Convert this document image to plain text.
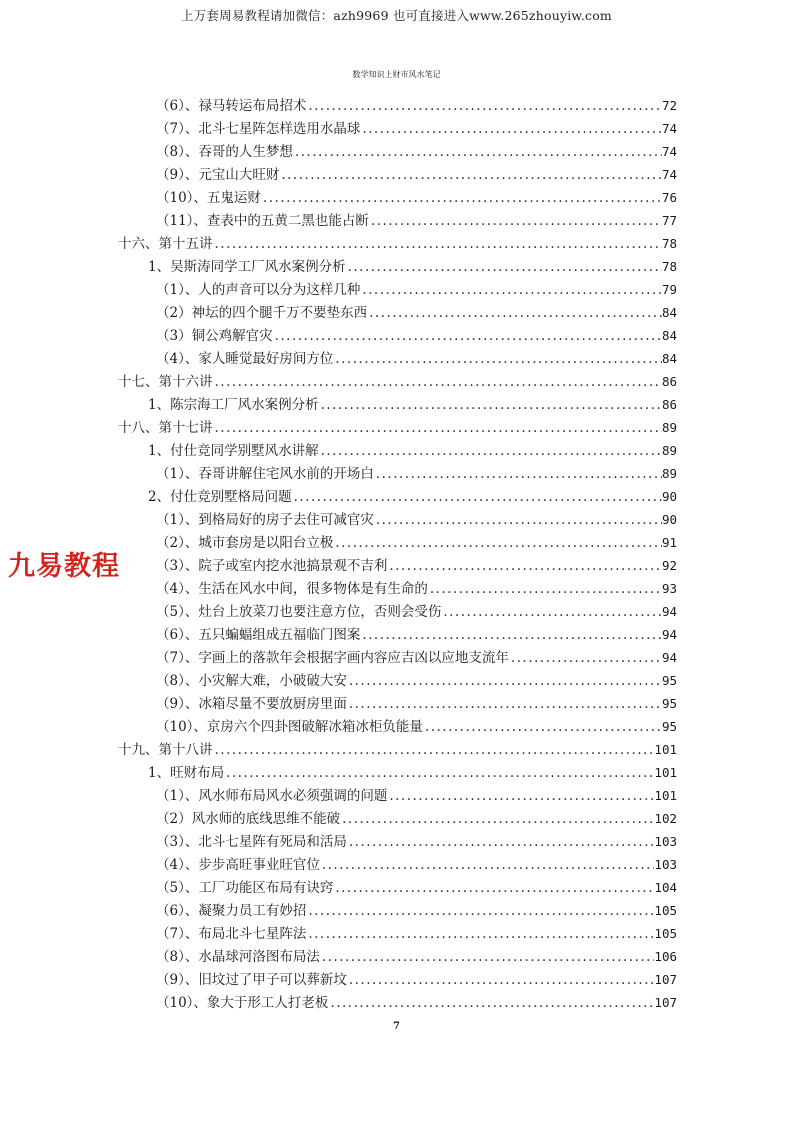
上万套周易教程请加微信：azh9969 也可直接进入www.265zhouyiw.com
数学知识上财市风水笔记
（6）、禄马转运布局招术 .....	72
（7）、北斗七星阵怎样选用水晶球 .....	74
（8）、吞哥的人生梦想 .....	74
（9）、元宝山大旺财 .....	74
（10）、五鬼运财 .....	76
（11）、查表中的五黄二黑也能占断 .....	77
十六、第十五讲 .....	78
1、吴斯涛同学工厂风水案例分析 .....	78
（1）、人的声音可以分为这样几种 .....	79
（2）神坛的四个腿千万不要垫东西 .....	84
（3）铜公鸡解官灾 .....	84
（4）、家人睡觉最好房间方位 .....	84
十七、第十六讲 .....	86
1、陈宗海工厂风水案例分析 .....	86
十八、第十七讲 .....	89
1、付仕竞同学别墅风水讲解 .....	89
（1）、吞哥讲解住宅风水前的开场白 .....	89
2、付仕竞别墅格局问题 .....	90
（1）、到格局好的房子去住可减官灾 .....	90
（2）、城市套房是以阳台立极 .....	91
（3）、院子或室内挖水池搞景观不吉利 .....	92
（4）、生活在风水中间，很多物体是有生命的 .....	93
（5）、灶台上放菜刀也要注意方位，否则会受伤 .....	94
（6）、五只蝙蝠组成五福临门图案 .....	94
（7）、字画上的落款年会根据字画内容应吉凶以应地支流年 .....	94
（8）、小灾解大难，小破破大安 .....	95
（9）、冰箱尽量不要放厨房里面 .....	95
（10）、京房六个四卦图破解冰箱冰柜负能量 .....	95
十九、第十八讲 .....	101
1、旺财布局 .....	101
（1）、风水师布局风水必须强调的问题 .....	101
（2）风水师的底线思维不能破 .....	102
（3）、北斗七星阵有死局和活局 .....	103
（4）、步步高旺事业旺官位 .....	103
（5）、工厂功能区布局有诀窍 .....	104
（6）、凝聚力员工有妙招 .....	105
（7）、布局北斗七星阵法 .....	105
（8）、水晶球河洛图布局法 .....	106
（9）、旧坟过了甲子可以葬新坟 .....	107
（10）、象大于形工人打老板 .....	107
九易教程
7
